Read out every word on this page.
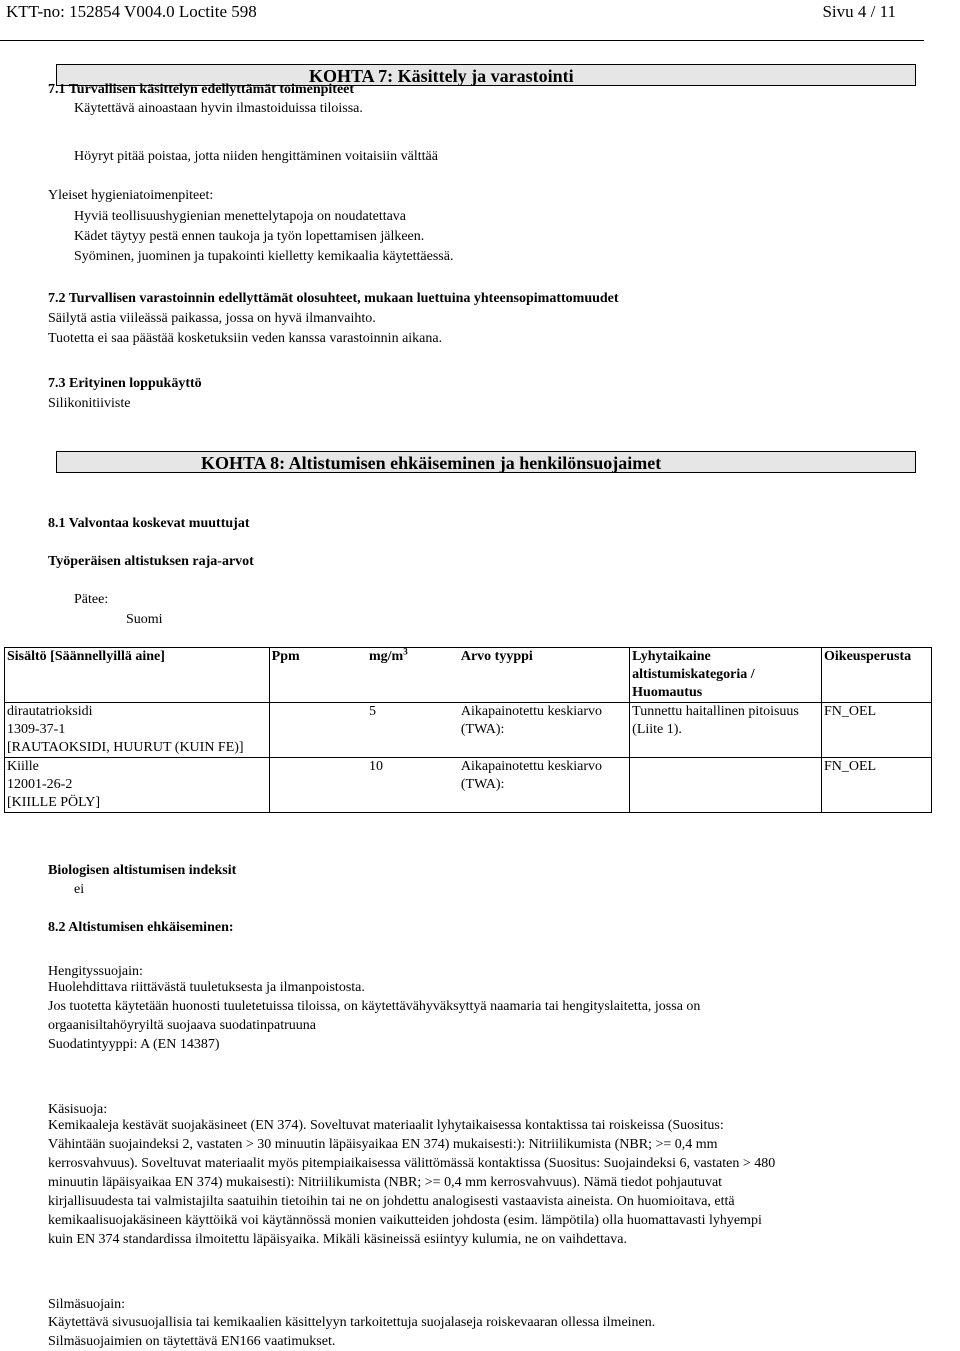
KTT-no: 152854 V004.0 Loctite 598	Sivu 4 / 11
KOHTA 7: Käsittely ja varastointi
7.1 Turvallisen käsittelyn edellyttämät toimenpiteet
Käytettävä ainoastaan hyvin ilmastoiduissa tiloissa.
Höyryt pitää poistaa, jotta niiden hengittäminen voitaisiin välttää
Yleiset hygieniatoimenpiteet:
Hyviä teollisuushygienian menettelytapoja on noudatettava
Kädet täytyy pestä ennen taukoja ja työn lopettamisen jälkeen.
Syöminen, juominen ja tupakointi kielletty kemikaalia käytettäessä.
7.2 Turvallisen varastoinnin edellyttämät olosuhteet, mukaan luettuina yhteensopimattomuudet
Säilytä astia viileässä paikassa, jossa on hyvä ilmanvaihto.
Tuotetta ei saa päästää kosketuksiin veden kanssa varastoinnin aikana.
7.3 Erityinen loppukäyttö
Silikonitiiviste
KOHTA 8: Altistumisen ehkäiseminen ja henkilönsuojaimet
8.1 Valvontaa koskevat muuttujat
Työperäisen altistuksen raja-arvot
Pätee:
Suomi
Sisältö [Säännellyillä aine]	Ppm	$mg/m^3$	Arvo tyyppi	Lyhytaikaine altistumiskategoria / Huomautus	Oikeusperusta

dirautatrioksidi
1309-37-1
[RAUTAOKSIDI, HUURUT (KUIN FE)]		5	Aikapainotettu keskiarvo (TWA):	Tunnettu haitallinen pitoisuus (Liite 1).	FN_OEL

Kiille
12001-26-2
[KIILLE PÖLY]		10	Aikapainotettu keskiarvo (TWA):		FN_OEL
Biologisen altistumisen indeksit
ei
8.2 Altistumisen ehkäiseminen:
Hengityssuojain:
Huolehdittava riittävästä tuuletuksesta ja ilmanpoistosta.
Jos tuotetta käytetään huonosti tuuletetuissa tiloissa, on käytettävähyväksyttyä naamaria tai hengityslaitetta, jossa on
orgaanisiltahöyryiltä suojaava suodatinpatruuna
Suodatintyyppi: A (EN 14387)
Käsisuoja:
Kemikaaleja kestävät suojakäsineet (EN 374). Soveltuvat materiaalit lyhytaikaisessa kontaktissa tai roiskeissa (Suositus:
Vähintään suojaindeksi 2, vastaten > 30 minuutin läpäisyaikaa EN 374) mukaisesti:): Nitriilikumista (NBR; >= 0,4 mm
kerrosvahvuus). Soveltuvat materiaalit myös pitempiaikaisessa välittömässä kontaktissa (Suositus: Suojaindeksi 6, vastaten > 480
minuutin läpäisyaikaa EN 374) mukaisesti): Nitriilikumista (NBR; >= 0,4 mm kerrosvahvuus). Nämä tiedot pohjautuvat
kirjallisuudesta tai valmistajilta saatuihin tietoihin tai ne on johdettu analogisesti vastaavista aineista. On huomioitava, että
kemikaalisuojakäsineen käyttöikä voi käytännössä monien vaikutteiden johdosta (esim. lämpötila) olla huomattavasti lyhyempi
kuin EN 374 standardissa ilmoitettu läpäisyaika. Mikäli käsineissä esiintyy kulumia, ne on vaihdettava.
Silmäsuojain:
Käytettävä sivusuojallisia tai kemikaalien käsittelyyn tarkoitettuja suojalaseja roiskevaaran ollessa ilmeinen.
Silmäsuojaimien on täytettävä EN166 vaatimukset.
